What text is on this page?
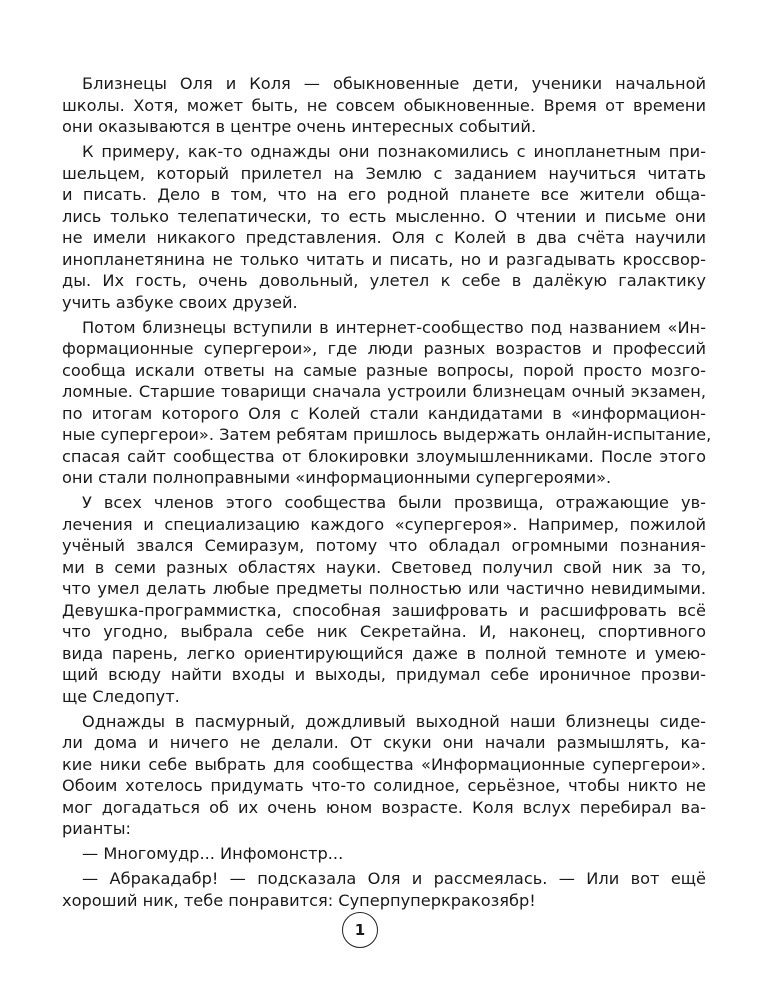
Близнецы Оля и Коля — обыкновенные дети, ученики начальной
школы. Хотя, может быть, не совсем обыкновенные. Время от времени
они оказываются в центре очень интересных событий.
К примеру, как-то однажды они познакомились с инопланетным при-
шельцем, который прилетел на Землю с заданием научиться читать
и писать. Дело в том, что на его родной планете все жители обща-
лись только телепатически, то есть мысленно. О чтении и письме они
не имели никакого представления. Оля с Колей в два счёта научили
инопланетянина не только читать и писать, но и разгадывать кроссвор-
ды. Их гость, очень довольный, улетел к себе в далёкую галактику
учить азбуке своих друзей.
Потом близнецы вступили в интернет-сообщество под названием «Ин-
формационные супергерои», где люди разных возрастов и профессий
сообща искали ответы на самые разные вопросы, порой просто мозго-
ломные. Старшие товарищи сначала устроили близнецам очный экзамен,
по итогам которого Оля с Колей стали кандидатами в «информацион-
ные супергерои». Затем ребятам пришлось выдержать онлайн-испытание,
спасая сайт сообщества от блокировки злоумышленниками. После этого
они стали полноправными «информационными супергероями».
У всех членов этого сообщества были прозвища, отражающие ув-
лечения и специализацию каждого «супергероя». Например, пожилой
учёный звался Семиразум, потому что обладал огромными познания-
ми в семи разных областях науки. Световед получил свой ник за то,
что умел делать любые предметы полностью или частично невидимыми.
Девушка-программистка, способная зашифровать и расшифровать всё
что угодно, выбрала себе ник Секретайна. И, наконец, спортивного
вида парень, легко ориентирующийся даже в полной темноте и умею-
щий всюду найти входы и выходы, придумал себе ироничное прозви-
ще Следопут.
Однажды в пасмурный, дождливый выходной наши близнецы сиде-
ли дома и ничего не делали. От скуки они начали размышлять, ка-
кие ники себе выбрать для сообщества «Информационные супергерои».
Обоим хотелось придумать что-то солидное, серьёзное, чтобы никто не
мог догадаться об их очень юном возрасте. Коля вслух перебирал ва-
рианты:
— Многомудр... Инфомонстр...
— Абракадабр! — подсказала Оля и рассмеялась. — Или вот ещё
хороший ник, тебе понравится: Суперпуперкракозябр!
1
